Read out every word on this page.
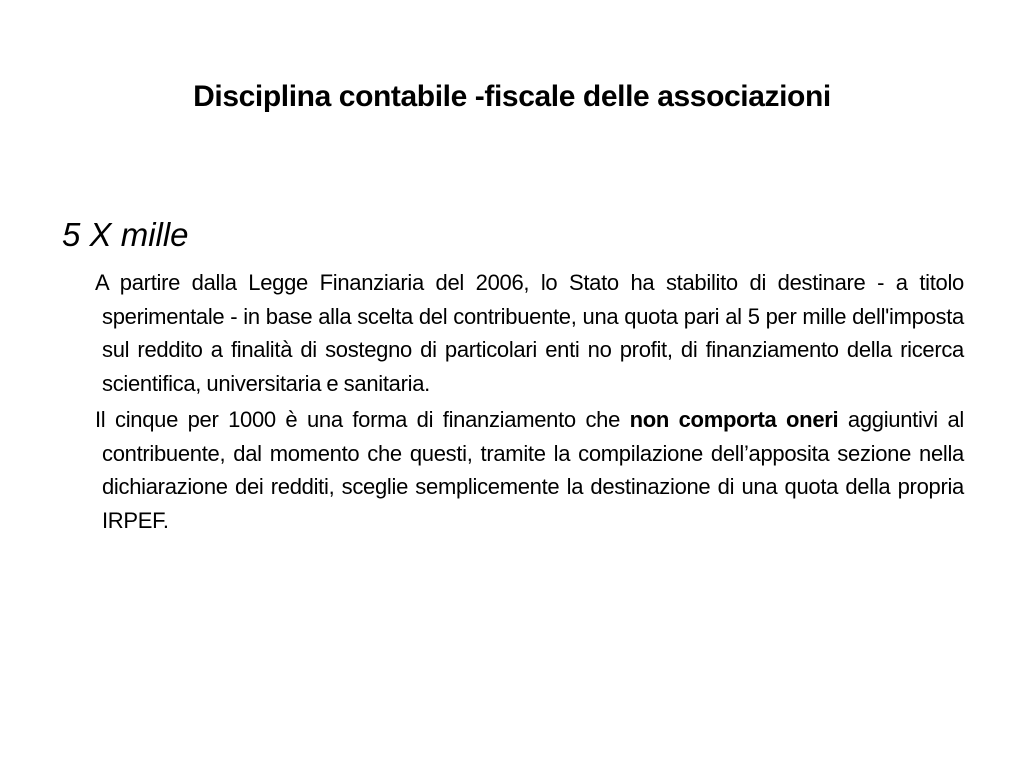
Disciplina contabile -fiscale delle associazioni
5 X mille

A partire dalla Legge Finanziaria del 2006, lo Stato ha stabilito di destinare - a titolo sperimentale - in base alla scelta del contribuente, una quota pari al 5 per mille dell'imposta sul reddito a finalità di sostegno di particolari enti no profit, di finanziamento della ricerca scientifica, universitaria e sanitaria.

Il cinque per 1000 è una forma di finanziamento che non comporta oneri aggiuntivi al contribuente, dal momento che questi, tramite la compilazione dell’apposita sezione nella dichiarazione dei redditi, sceglie semplicemente la destinazione di una quota della propria IRPEF.
